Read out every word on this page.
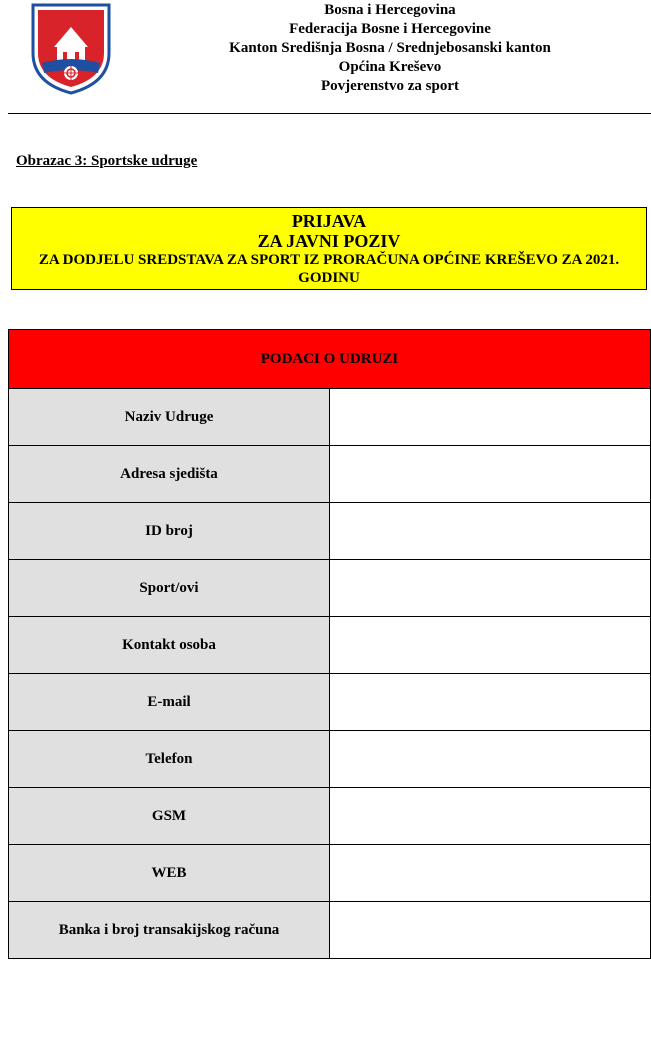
Bosna i Hercegovina
Federacija Bosne i Hercegovine
Kanton Središnja Bosna / Srednjebosanski kanton
Općina Kreševo
Povjerenstvo za sport
Obrazac 3: Sportske udruge
PRIJAVA
ZA JAVNI POZIV
ZA DODJELU SREDSTAVA ZA SPORT IZ PRORAČUNA OPĆINE KREŠEVO ZA 2021. GODINU
PODACI O UDRUZI	
Naziv Udruge	
Adresa sjedišta	
ID broj	
Sport/ovi	
Kontakt osoba	
E-mail	
Telefon	
GSM	
WEB	
Banka i broj transakijskog računa	
